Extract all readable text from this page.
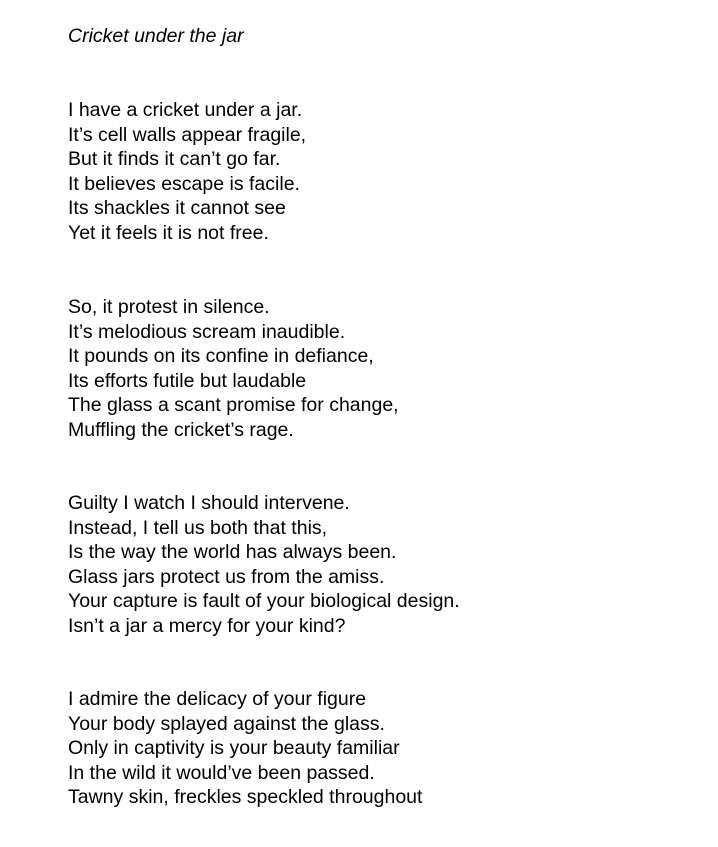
Cricket under the jar

I have a cricket under a jar.
It’s cell walls appear fragile,
But it finds it can’t go far.
It believes escape is facile.
Its shackles it cannot see
Yet it feels it is not free.
So, it protest in silence.
It’s melodious scream inaudible.
It pounds on its confine in defiance,
Its efforts futile but laudable
The glass a scant promise for change,
Muffling the cricket’s rage.
Guilty I watch I should intervene.
Instead, I tell us both that this,
Is the way the world has always been.
Glass jars protect us from the amiss.
Your capture is fault of your biological design.
Isn’t a jar a mercy for your kind?
I admire the delicacy of your figure
Your body splayed against the glass.
Only in captivity is your beauty familiar
In the wild it would’ve been passed.
Tawny skin, freckles speckled throughout
